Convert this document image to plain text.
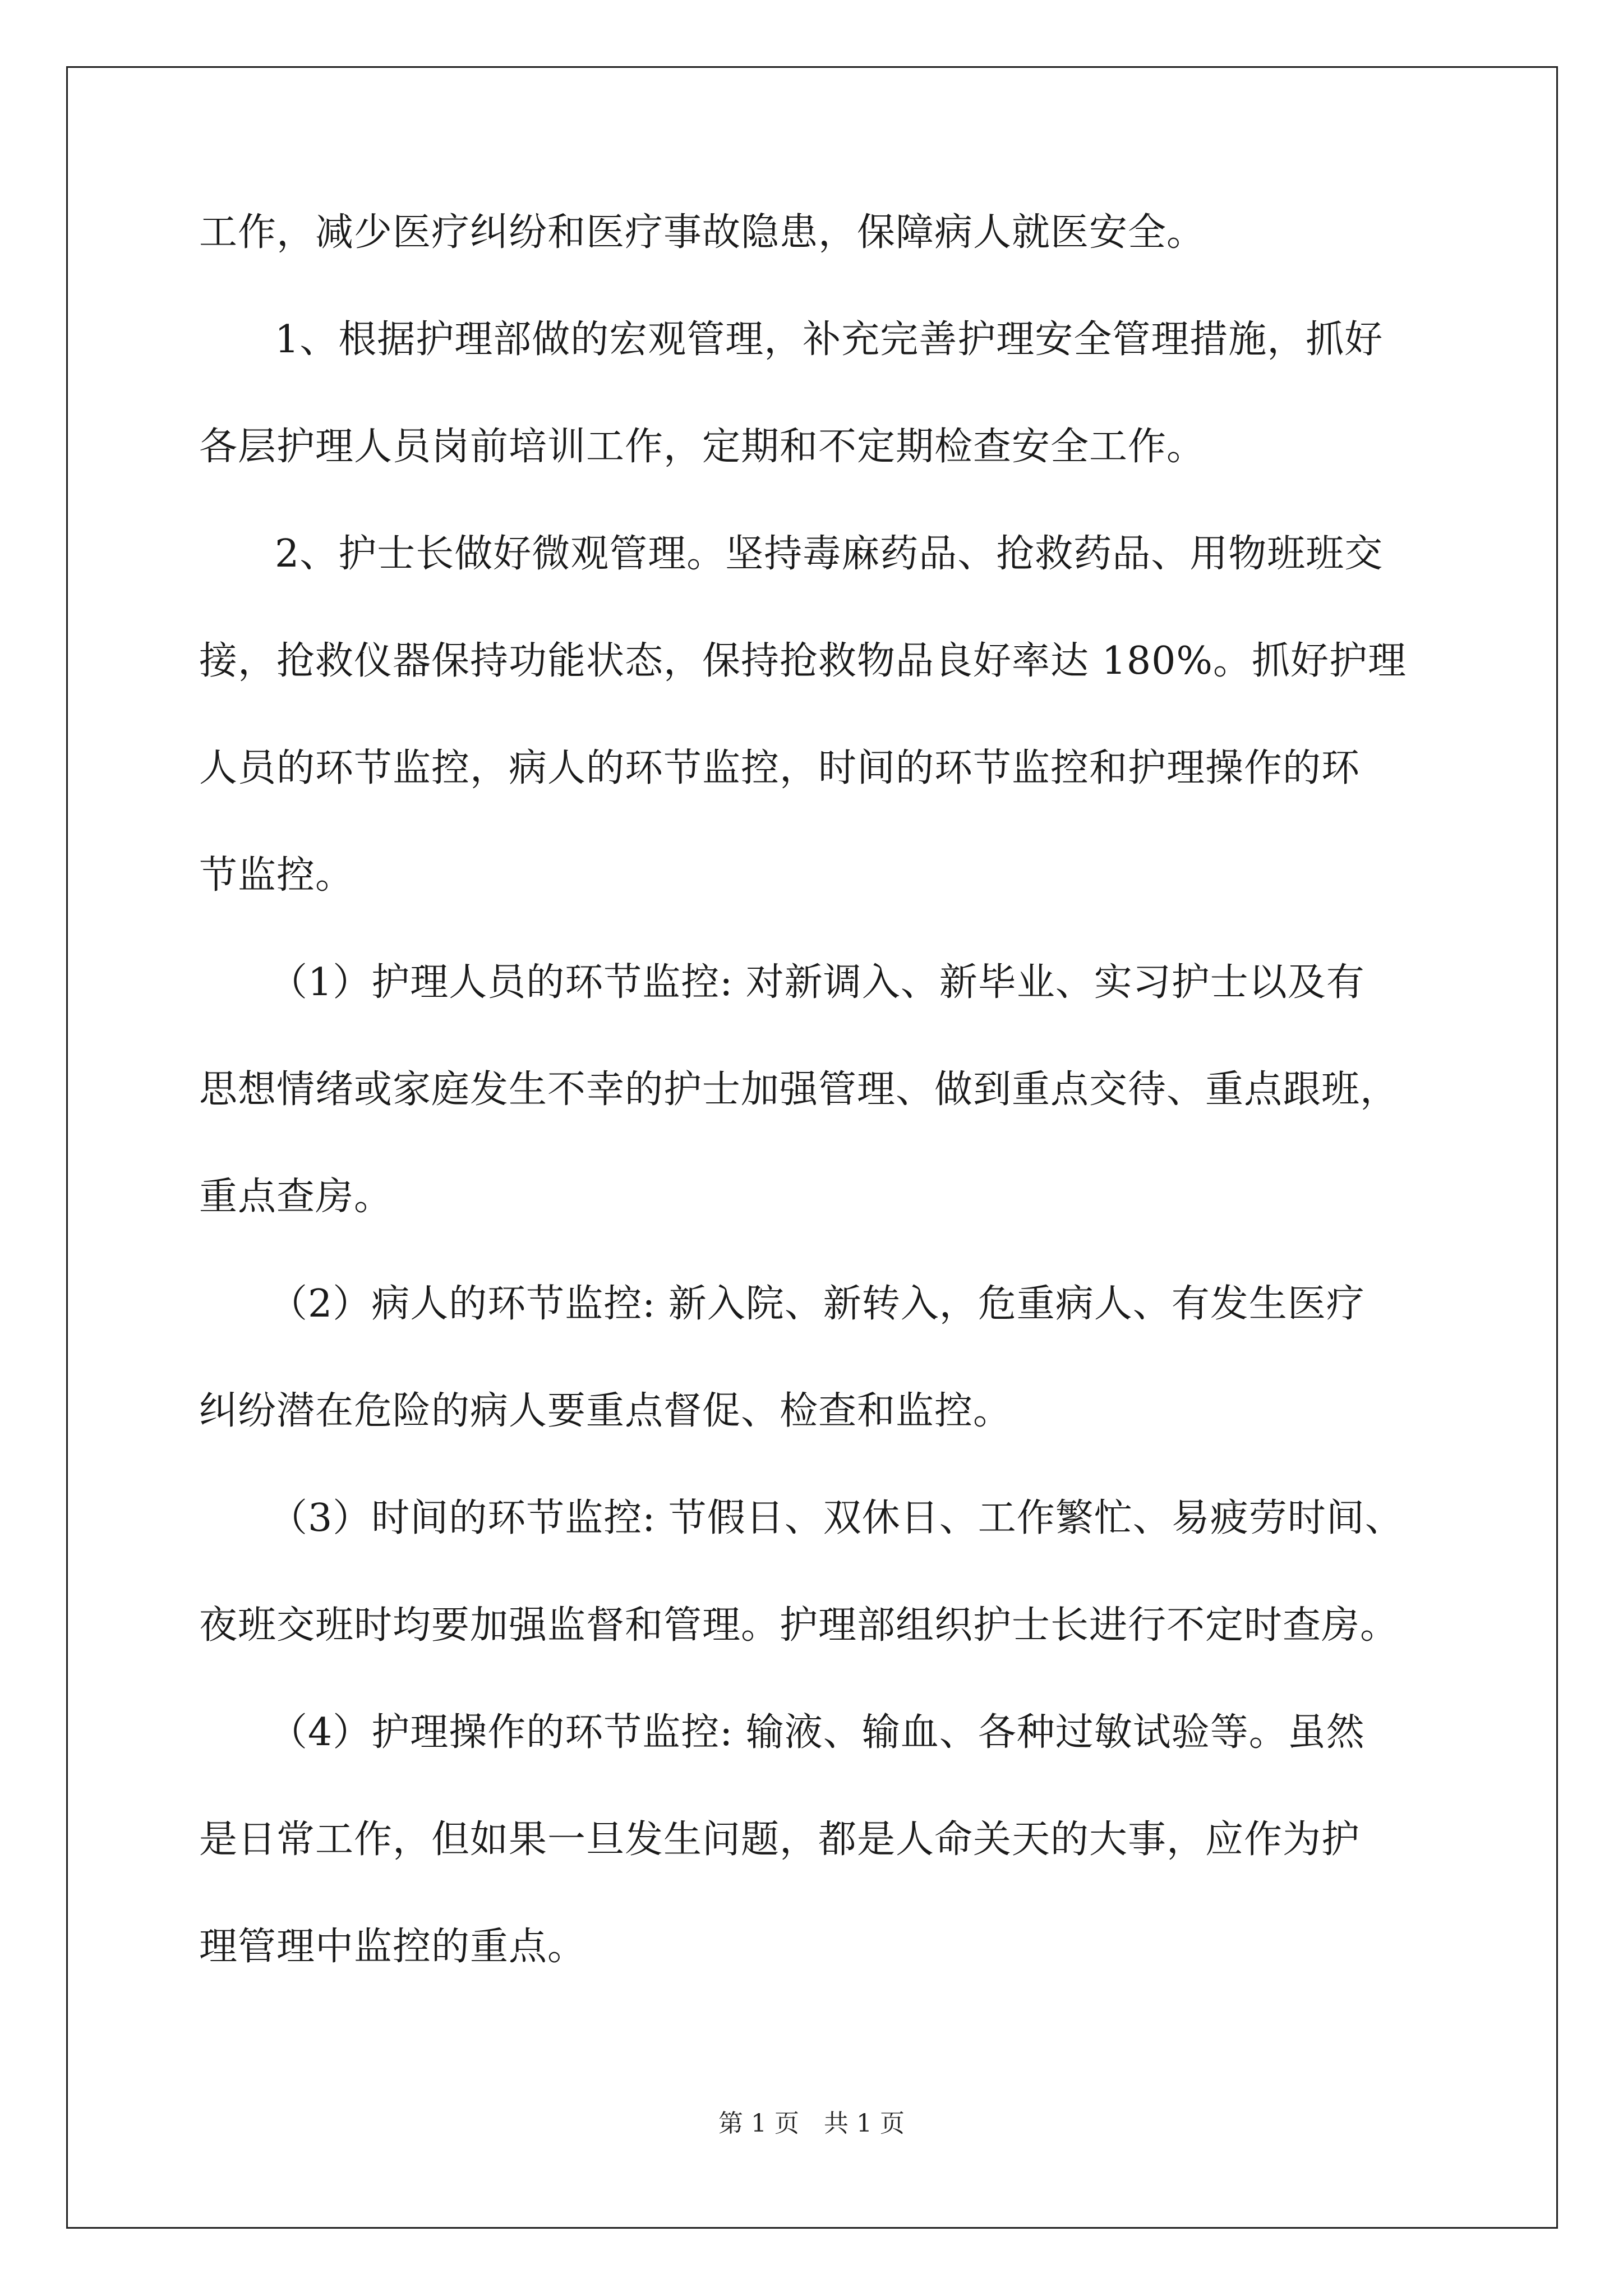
工作，减少医疗纠纷和医疗事故隐患，保障病人就医安全。
1、根据护理部做的宏观管理，补充完善护理安全管理措施，抓好
各层护理人员岗前培训工作，定期和不定期检查安全工作。
2、护士长做好微观管理。坚持毒麻药品、抢救药品、用物班班交
接，抢救仪器保持功能状态，保持抢救物品良好率达 180%。抓好护理
人员的环节监控，病人的环节监控，时间的环节监控和护理操作的环
节监控。
（1）护理人员的环节监控: 对新调入、新毕业、实习护士以及有
思想情绪或家庭发生不幸的护士加强管理、做到重点交待、重点跟班，
重点查房。
（2）病人的环节监控: 新入院、新转入，危重病人、有发生医疗
纠纷潜在危险的病人要重点督促、检查和监控。
（3）时间的环节监控: 节假日、双休日、工作繁忙、易疲劳时间、
夜班交班时均要加强监督和管理。护理部组织护士长进行不定时查房。
（4）护理操作的环节监控: 输液、输血、各种过敏试验等。虽然
是日常工作，但如果一旦发生问题，都是人命关天的大事，应作为护
理管理中监控的重点。
第 1 页　共 1 页
